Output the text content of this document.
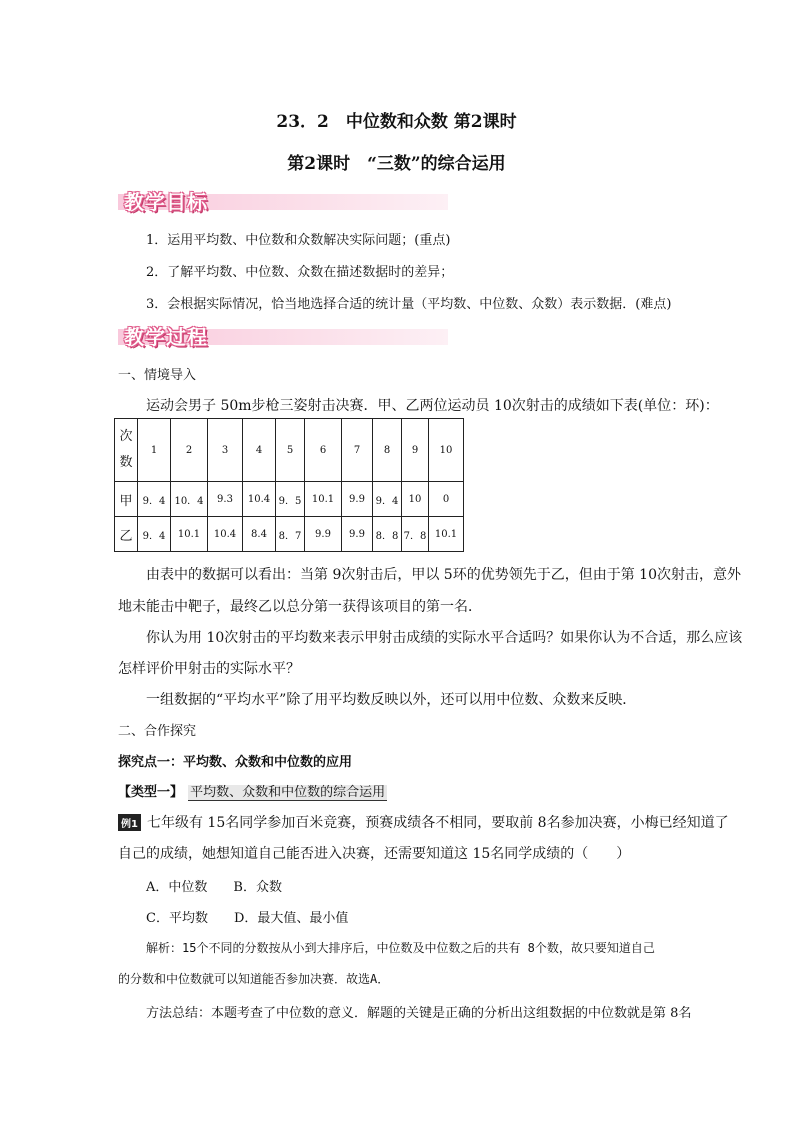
23．2　中位数和众数 第2课时
第2课时　“三数”的综合运用
教学目标
1．运用平均数、中位数和众数解决实际问题；(重点)
2．了解平均数、中位数、众数在描述数据时的差异；
3．会根据实际情况，恰当地选择合适的统计量（平均数、中位数、众数）表示数据．(难点)
教学过程
一、情境导入
运动会男子 50m步枪三姿射击决赛．甲、乙两位运动员 10次射击的成绩如下表(单位：环)：
次数	1	2	3	4	5	6	7	8	9	10
甲	9．4	10．4	9.3	10.4	9．5	10.1	9.9	9．4	10	0
乙	9．4	10.1	10.4	8.4	8．7	9.9	9.9	8．8	7．8	10.1
由表中的数据可以看出：当第 9次射击后，甲以 5环的优势领先于乙，但由于第 10次射击，意外
地未能击中靶子，最终乙以总分第一获得该项目的第一名．
你认为用 10次射击的平均数来表示甲射击成绩的实际水平合适吗？如果你认为不合适，那么应该
怎样评价甲射击的实际水平？
一组数据的“平均水平”除了用平均数反映以外，还可以用中位数、众数来反映．
二、合作探究
探究点一：平均数、众数和中位数的应用
【类型一】 平均数、众数和中位数的综合运用
例1 七年级有 15名同学参加百米竞赛，预赛成绩各不相同，要取前 8名参加决赛，小梅已经知道了
自己的成绩，她想知道自己能否进入决赛，还需要知道这 15名同学成绩的（　　）
A．中位数　　B．众数
C．平均数　　D．最大值、最小值
解析：15个不同的分数按从小到大排序后，中位数及中位数之后的共有 8个数，故只要知道自己
的分数和中位数就可以知道能否参加决赛．故选A．
方法总结：本题考查了中位数的意义．解题的关键是正确的分析出这组数据的中位数就是第 8名
